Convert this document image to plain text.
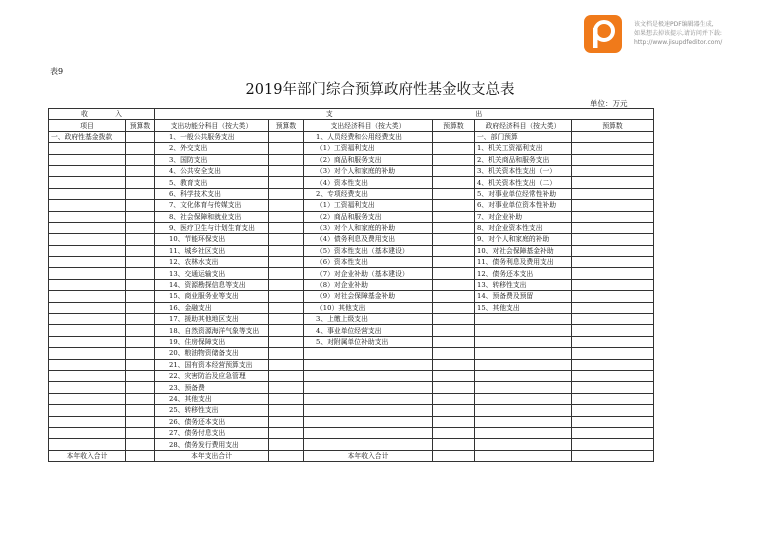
该文档是极速PDF编辑器生成,
如果想去掉该提示,请访问并下载:
http://www.jisupdfeditor.com/
表9
2019年部门综合预算政府性基金收支总表
单位：万元
收　　　　入		支　　　　　　　　　　　　　　　　　　　　　出					
项目	预算数	支出功能分科目（按大类）	预算数	支出经济科目（按大类）	预算数	政府经济科目（按大类）	预算数
一、政府性基金拨款		1、一般公共服务支出		1、人员经费和公用经费支出		一、部门预算	
		2、外交支出		（1）工资福利支出		1、机关工资福利支出	
		3、国防支出		（2）商品和服务支出		2、机关商品和服务支出	
		4、公共安全支出		（3）对个人和家庭的补助		3、机关资本性支出（一）	
		5、教育支出		（4）资本性支出		4、机关资本性支出（二）	
		6、科学技术支出		2、专项经费支出		5、对事业单位经常性补助	
		7、文化体育与传媒支出		（1）工资福利支出		6、对事业单位资本性补助	
		8、社会保障和就业支出		（2）商品和服务支出		7、对企业补助	
		9、医疗卫生与计划生育支出		（3）对个人和家庭的补助		8、对企业资本性支出	
		10、节能环保支出		（4）债务利息及费用支出		9、对个人和家庭的补助	
		11、城乡社区支出		（5）资本性支出（基本建设）		10、对社会保障基金补助	
		12、农林水支出		（6）资本性支出		11、债务利息及费用支出	
		13、交通运输支出		（7）对企业补助（基本建设）		12、债务还本支出	
		14、资源勘探信息等支出		（8）对企业补助		13、转移性支出	
		15、商业服务业等支出		（9）对社会保障基金补助		14、预备费及预留	
		16、金融支出		（10）其他支出		15、其他支出	
		17、援助其他地区支出		3、上缴上级支出			
		18、自然资源海洋气象等支出		4、事业单位经营支出			
		19、住房保障支出		5、对附属单位补助支出			
		20、粮油物资储备支出					
		21、国有资本经营预算支出					
		22、灾害防治及应急管理					
		23、预备费					
		24、其他支出					
		25、转移性支出					
		26、债务还本支出					
		27、债务付息支出					
		28、债务发行费用支出					
本年收入合计		本年支出合计		本年收入合计			
